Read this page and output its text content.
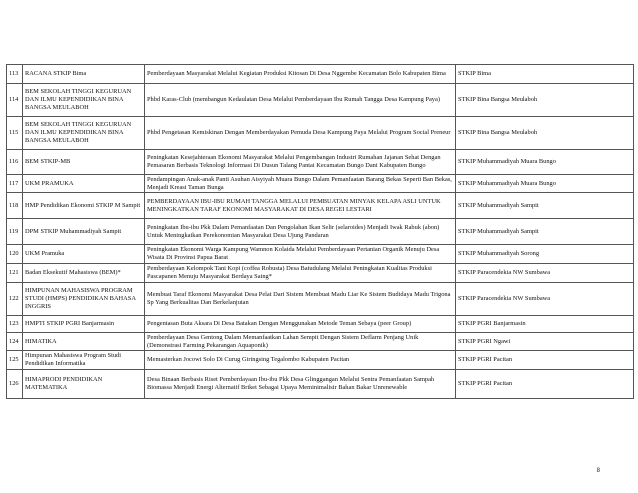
113	RACANA STKIP Bima	Pemberdayaan Masyarakat Melalui Kegiatan Produksi Kitosan Di Desa Nggembe Kecamatan Bolo Kabupaten Bima	STKIP Bima
114	BEM SEKOLAH TINGGI KEGURUAN DAN ILMU KEPENDIDIKAN BINA BANGSA MEULABOH	Phbd Karas-Club (membangun Kedaulatan Desa Melalui Pemberdayaan Ibu Rumah Tangga Desa Kampung Paya)	STKIP Bina Bangsa Meulaboh
115	BEM SEKOLAH TINGGI KEGURUAN DAN ILMU KEPENDIDIKAN BINA BANGSA MEULABOH	Phbd Pengetasan Kemiskinan Dengan Memberdayakan Pemuda Desa Kampung Paya Melalui Program Social Preneur	STKIP Bina Bangsa Meulaboh
116	BEM STKIP-MB	Peningkatan Kesejahteraan Ekonomi Masyarakat Melalui Pengembangan Industri Rumahan Jajanan Sehat Dengan Pemasaran Berbasis Teknologi Informasi Di Dusun Talang Pantai Kecamatan Bungo Dani Kabupaten Bungo	STKIP Muhammadiyah Muara Bungo
117	UKM PRAMUKA	Pendampingan Anak-anak Panti Asuhan Aisyiyah Muara Bungo Dalam Pemanfaatan Barang Bekas Seperti Ban Bekas, Menjadi Kreasi Taman Bunga	STKIP Muhammadiyah Muara Bungo
118	HMP Pendidikan Ekonomi STKIP M Sampit	PEMBERDAYAAN IBU-IBU RUMAH TANGGA MELALUI PEMBUATAN MINYAK KELAPA ASLI UNTUK MENINGKATKAN TARAF EKONOMI MASYARAKAT DI DESA REGEI LESTARI	STKIP Muhammadiyah Sampit
119	DPM STKIP Muhammadiyah Sampit	Peningkatan Ibu-ibu Pkk Dalam Pemanfaatan Dan Pengolahan Ikan Selir (selaroides) Menjadi Iwak Rabuk (abon) Untuk Meningkatkan Perekonomian Masyarakat Desa Ujung Pandaran	STKIP Muhammadiyah Sampit
120	UKM Pramuka	Peningkatan Ekonomi Warga Kampung Wamnon Kolaida Melalui Pemberdayaan Pertanian Organik Menuju Desa Wisata Di Provinsi Papua Barat	STKIP Muhammadiyah Sorong
121	Badan Eksekutif Mahasiswa (BEM)*	Pemberdayaan Kelompok Tani Kopi (coffea Robusta) Desa Batudulang Melalui Peningkatan Kualitas Produksi Pascapanen Menuju Masyarakat Berdaya Saing*	STKIP Paracendekia NW Sumbawa
122	HIMPUNAN MAHASISWA PROGRAM STUDI (HMPS) PENDIDIKAN BAHASA INGGRIS	Membuat Taraf Ekonomi Masyarakat Desa Pelat Dari Sistem Membuat Madu Liar Ke Sistem Budidaya Madu Trigona Sp Yang Berkualitas Dan Berkelanjutan	STKIP Paracendekia NW Sumbawa
123	HMPTI STKIP PGRI Banjarmasin	Pengentasan Buta Aksara Di Desa Batakan Dengan Menggunakan Metode Teman Sebaya (peer Group)	STKIP PGRI Banjarmasin
124	HIMATIKA	Pemberdayaan Desa Gentong Dalam Memanfaatkan Lahan Sempit Dengan Sistem Deflarm Penjang Unik (Demonstrasi Farming Pekarangan Aquaponik)	STKIP PGRI Ngawi
125	Himpunan Mahasiswa Program Studi Pendidikan Informatika	Memasterkan Jocowi Solo Di Curug Giringsing Tegalombo Kabupaten Pacitan	STKIP PGRI Pacitan
126	HIMAPRODI PENDIDIKAN MATEMATIKA	Desa Binaan Berbasis Riset Pemberdayaan Ibu-ibu Pkk Desa Glinggangan Melalui Sentra Pemanfaatan Sampah Biomassa Menjadi Energi Alternatif Briket Sebagai Upaya Meminimalisir Bahan Bakar Unrenewable	STKIP PGRI Pacitan
8
